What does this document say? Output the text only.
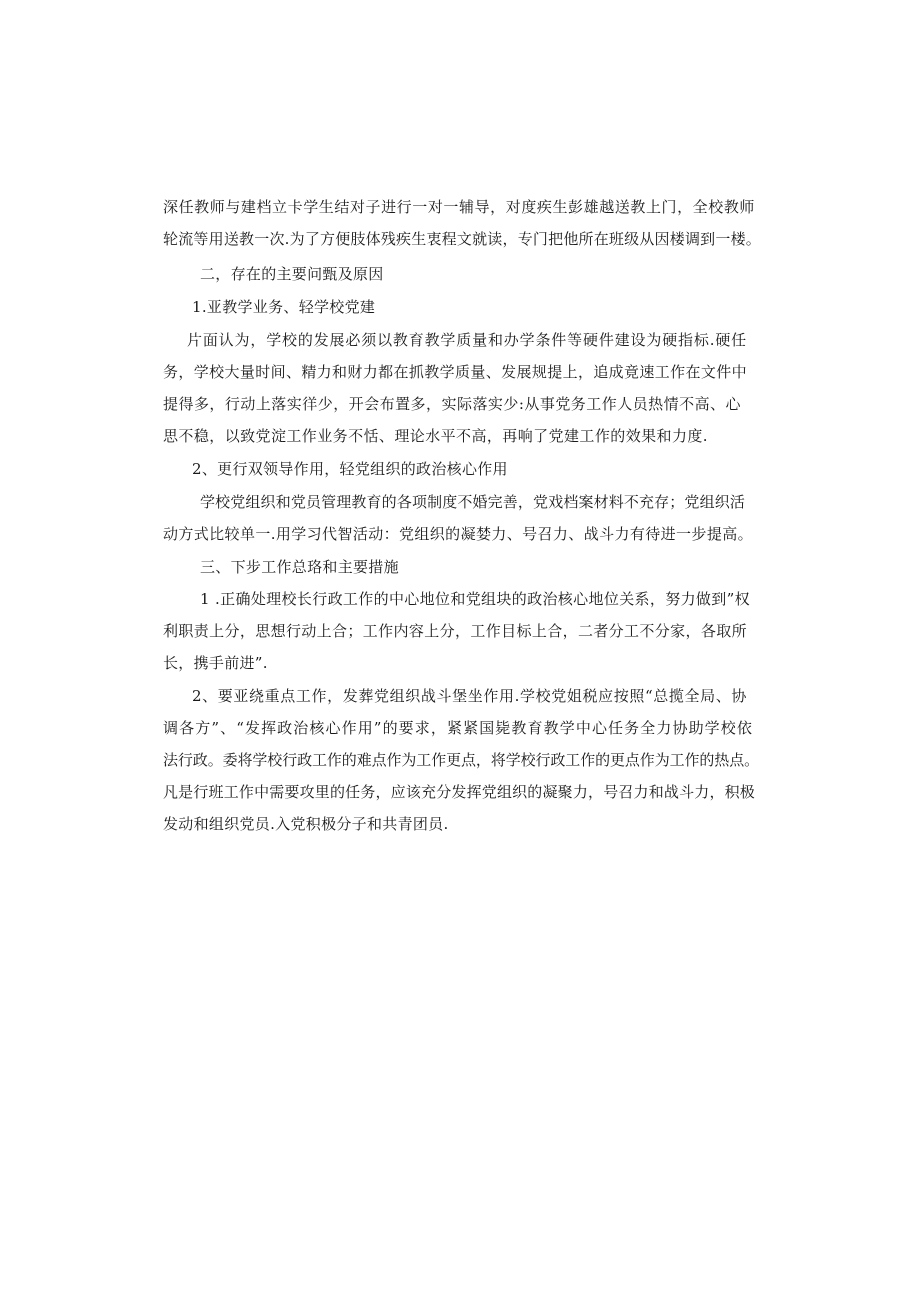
深任教师与建档立卡学生结对子进行一对一辅导，对度疾生彭雄越送教上门，全校教师
轮流等用送教一次.为了方便肢体残疾生衷程文就读，专门把他所在班级从因楼调到一楼。
二，存在的主要问甄及原因
1.亚教学业务、轻学校党建
片面认为，学校的发展必须以教育教学质量和办学条件等硬件建设为硬指标.硬任
务，学校大量时间、精力和财力都在抓教学质量、发展规提上，追成竟速工作在文件中
提得多，行动上落实徉少，开会布置多，实际落实少:从事党务工作人员热情不高、心
思不稳，以致党淀工作业务不恬、理论水平不高，再响了党建工作的效果和力度.
2、更行双领导作用，轻党组织的政治核心作用
学校党组织和党员管理教育的各项制度不婚完善，党戏档案材料不充存；党组织活
动方式比较单一.用学习代智活动：党组织的凝婪力、号召力、战斗力有待进一步提高。
三、下步工作总珞和主要措施
1 .正确处理校长行政工作的中心地位和党组块的政治核心地位关系，努力做到”权
利职责上分，思想行动上合；工作内容上分，工作目标上合，二者分工不分家，各取所
长，携手前进”.
2、要亚绕重点工作，发葬党组织战斗堡坐作用.学校党姐税应按照“总揽全局、协
调各方”、“发挥政治核心作用”的要求，紧紧国毙教育教学中心任务全力协助学校依
法行政。委将学校行政工作的难点作为工作更点，将学校行政工作的更点作为工作的热点。
凡是行班工作中需要攻里的任务，应该充分发挥党组织的凝聚力，号召力和战斗力，积极
发动和组织党员.入党积极分子和共青团员.
